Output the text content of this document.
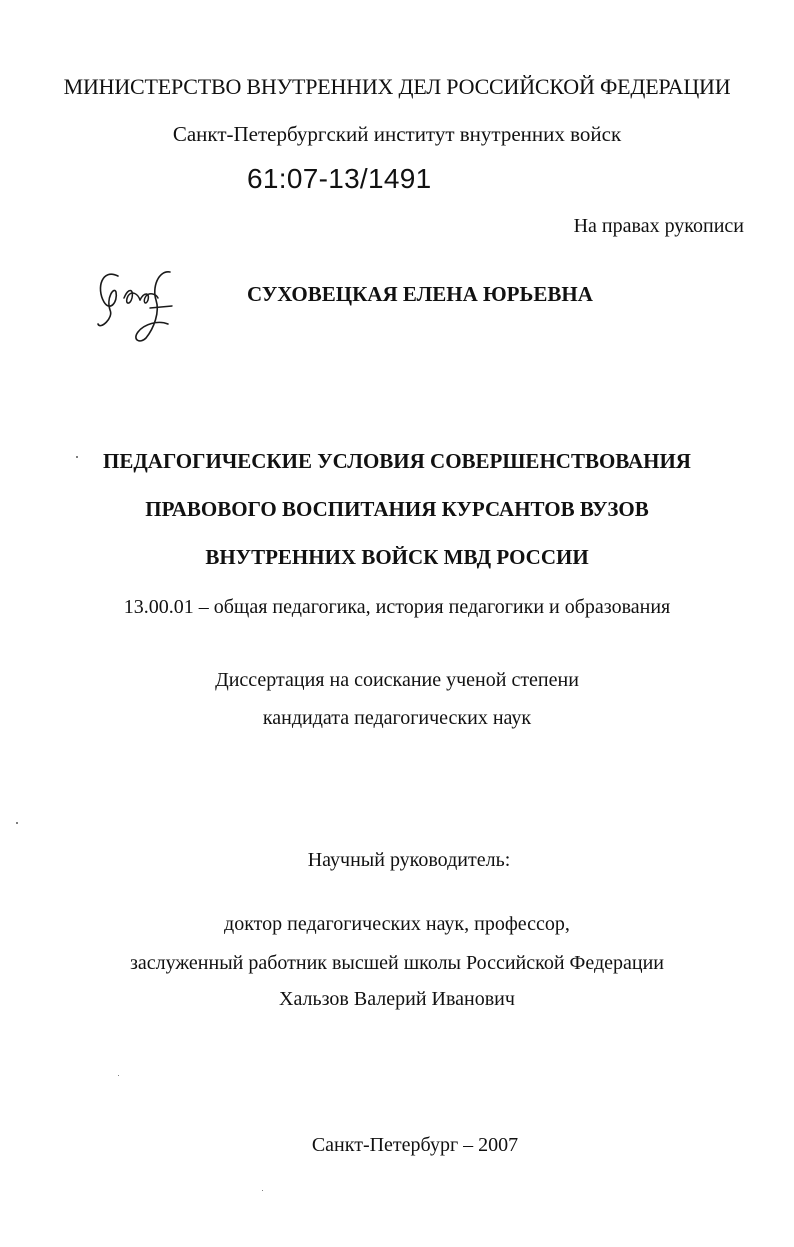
МИНИСТЕРСТВО ВНУТРЕННИХ ДЕЛ РОССИЙСКОЙ ФЕДЕРАЦИИ
Санкт-Петербургский институт внутренних войск
61:07-13/1491
На правах рукописи
СУХОВЕЦКАЯ ЕЛЕНА ЮРЬЕВНА
ПЕДАГОГИЧЕСКИЕ УСЛОВИЯ СОВЕРШЕНСТВОВАНИЯ
ПРАВОВОГО ВОСПИТАНИЯ КУРСАНТОВ ВУЗОВ
ВНУТРЕННИХ ВОЙСК МВД РОССИИ
13.00.01 – общая педагогика, история педагогики и образования
Диссертация на соискание ученой степени
кандидата педагогических наук
Научный руководитель:
доктор педагогических наук, профессор,
заслуженный работник высшей школы Российской Федерации
Хальзов Валерий Иванович
Санкт-Петербург – 2007
